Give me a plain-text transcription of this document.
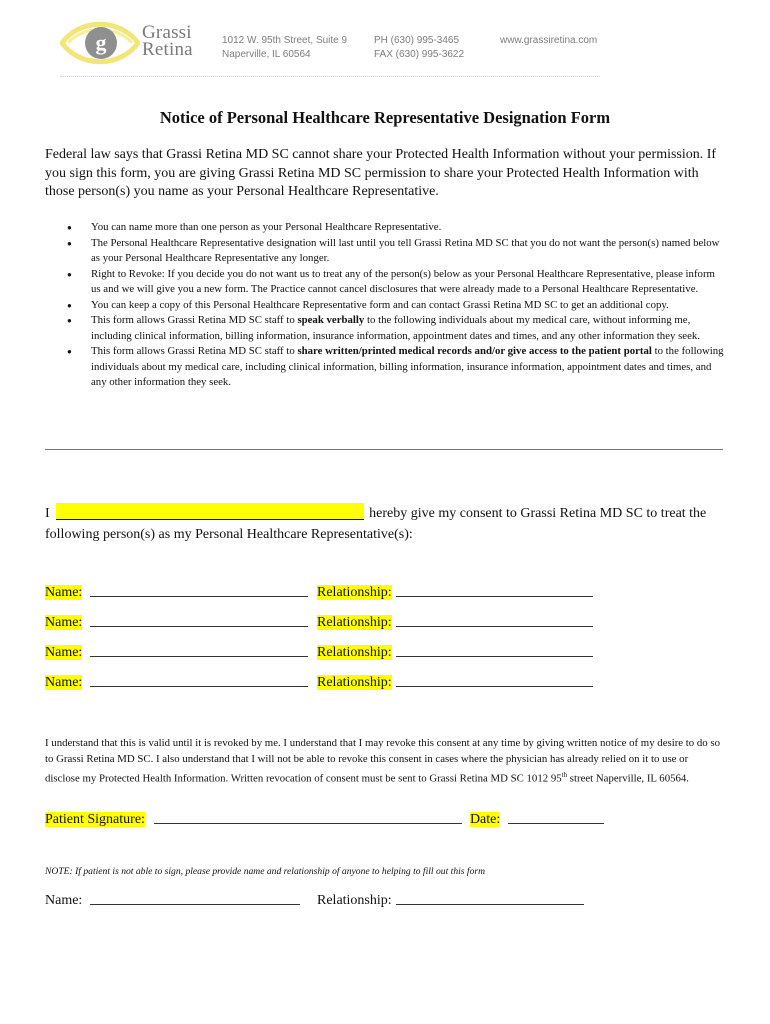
g Grassi
Retina	1012 W. 95th Street, Suite 9
Naperville, IL 60564
PH (630) 995-3465
FAX (630) 995-3622
www.grassiretina.com
Notice of Personal Healthcare Representative Designation Form
Federal law says that Grassi Retina MD SC cannot share your Protected Health Information without your permission. If you sign this form, you are giving Grassi Retina MD SC permission to share your Protected Health Information with those person(s) you name as your Personal Healthcare Representative.
● You can name more than one person as your Personal Healthcare Representative.
● The Personal Healthcare Representative designation will last until you tell Grassi Retina MD SC that you do not want the person(s) named below as your Personal Healthcare Representative any longer.
● Right to Revoke: If you decide you do not want us to treat any of the person(s) below as your Personal Healthcare Representative, please inform us and we will give you a new form. The Practice cannot cancel disclosures that were already made to a Personal Healthcare Representative.
● You can keep a copy of this Personal Healthcare Representative form and can contact Grassi Retina MD SC to get an additional copy.
● This form allows Grassi Retina MD SC staff to speak verbally to the following individuals about my medical care, without informing me, including clinical information, billing information, insurance information, appointment dates and times, and any other information they seek.
● This form allows Grassi Retina MD SC staff to share written/printed medical records and/or give access to the patient portal to the following individuals about my medical care, including clinical information, billing information, insurance information, appointment dates and times, and any other information they seek.
I	hereby give my consent to Grassi Retina MD SC to treat the following person(s) as my Personal Healthcare Representative(s):
Name:	Relationship:
Name:	Relationship:
Name:	Relationship:
Name:	Relationship:
I understand that this is valid until it is revoked by me. I understand that I may revoke this consent at any time by giving written notice of my desire to do so to Grassi Retina MD SC. I also understand that I will not be able to revoke this consent in cases where the physician has already relied on it to use or disclose my Protected Health Information. Written revocation of consent must be sent to Grassi Retina MD SC 1012 95th street Naperville, IL 60564.
Patient Signature:	Date:
NOTE: If patient is not able to sign, please provide name and relationship of anyone to helping to fill out this form
Name:	Relationship:
